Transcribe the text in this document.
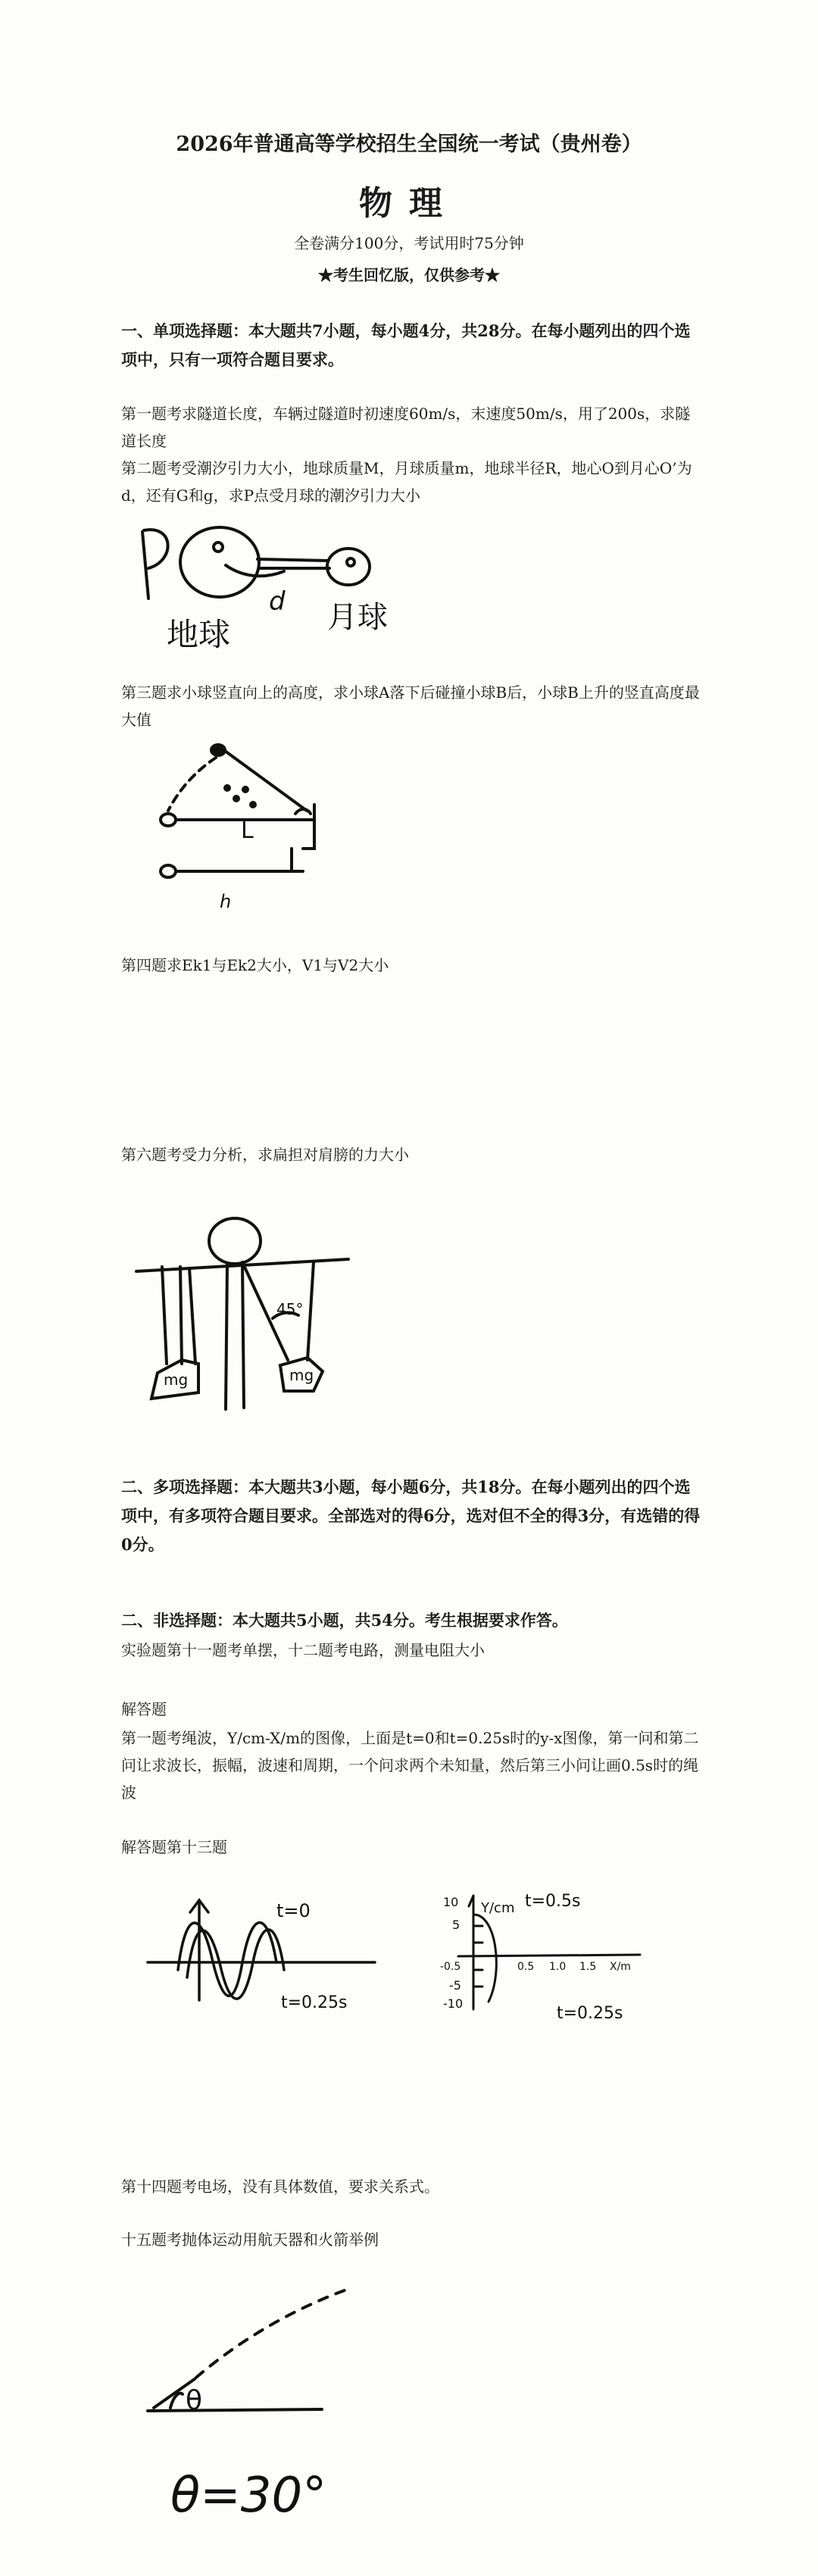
2026年普通高等学校招生全国统一考试（贵州卷）
物理
全卷满分100分，考试用时75分钟
★考生回忆版，仅供参考★
一、单项选择题：本大题共7小题，每小题4分，共28分。在每小题列出的四个选项中，只有一项符合题目要求。
第一题考求隧道长度，车辆过隧道时初速度60m/s，末速度50m/s，用了200s，求隧道长度
第二题考受潮汐引力大小，地球质量M，月球质量m，地球半径R，地心O到月心O’为d，还有G和g，求P点受月球的潮汐引力大小
P
地球	月球
d
第三题求小球竖直向上的高度，求小球A落下后碰撞小球B后，小球B上升的竖直高度最大值
L
h
第四题求Ek1与Ek2大小，V1与V2大小
第六题考受力分析，求扁担对肩膀的力大小
45°
mg	mg
二、多项选择题：本大题共3小题，每小题6分，共18分。在每小题列出的四个选项中，有多项符合题目要求。全部选对的得6分，选对但不全的得3分，有选错的得0分。
二、非选择题：本大题共5小题，共54分。考生根据要求作答。
实验题第十一题考单摆，十二题考电路，测量电阻大小
解答题
第一题考绳波，Y/cm-X/m的图像，上面是t=0和t=0.25s时的y-x图像，第一问和第二问让求波长，振幅，波速和周期，一个问求两个未知量，然后第三小问让画0.5s时的绳波
解答题第十三题
t=0
t=0.25s
10
5
-0.5
-5
-10
Y/cm t=0.5s
0.5 1.0 1.5 X/m
t=0.25s
第十四题考电场，没有具体数值，要求关系式。
十五题考抛体运动用航天器和火箭举例
θ
θ=30°
